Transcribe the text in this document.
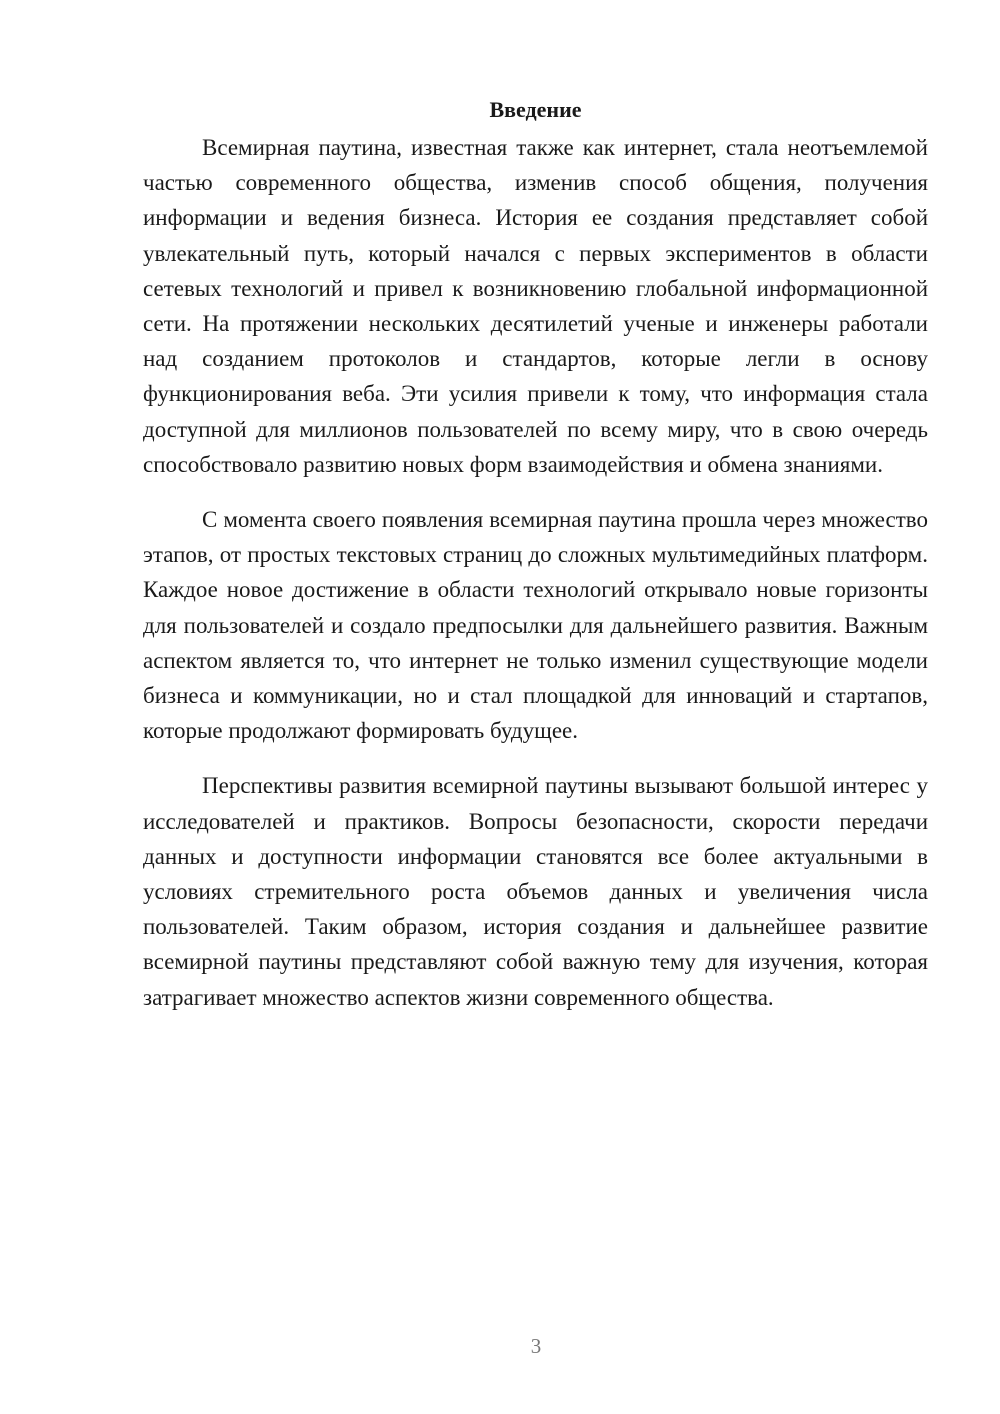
Введение

Всемирная паутина, известная также как интернет, стала неотъемлемой частью современного общества, изменив способ общения, получения информации и ведения бизнеса. История ее создания представляет собой увлекательный путь, который начался с первых экспериментов в области сетевых технологий и привел к возникновению глобальной информационной сети. На протяжении нескольких десятилетий ученые и инженеры работали над созданием протоколов и стандартов, которые легли в основу функционирования веба. Эти усилия привели к тому, что информация стала доступной для миллионов пользователей по всему миру, что в свою очередь способствовало развитию новых форм взаимодействия и обмена знаниями.

С момента своего появления всемирная паутина прошла через множество этапов, от простых текстовых страниц до сложных мультимедийных платформ. Каждое новое достижение в области технологий открывало новые горизонты для пользователей и создало предпосылки для дальнейшего развития. Важным аспектом является то, что интернет не только изменил существующие модели бизнеса и коммуникации, но и стал площадкой для инноваций и стартапов, которые продолжают формировать будущее.

Перспективы развития всемирной паутины вызывают большой интерес у исследователей и практиков. Вопросы безопасности, скорости передачи данных и доступности информации становятся все более актуальными в условиях стремительного роста объемов данных и увеличения числа пользователей. Таким образом, история создания и дальнейшее развитие всемирной паутины представляют собой важную тему для изучения, которая затрагивает множество аспектов жизни современного общества.

3
